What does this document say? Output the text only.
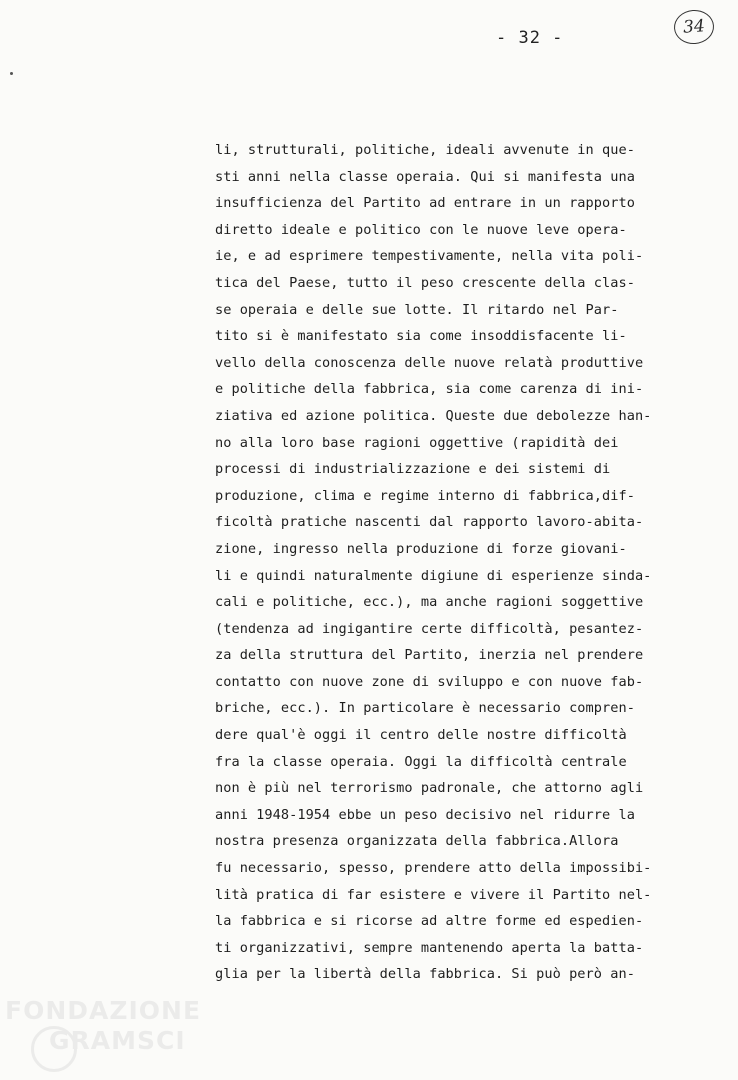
- 32 -
34
li, strutturali, politiche, ideali avvenute in que-
sti anni nella classe operaia. Qui si manifesta una
insufficienza del Partito ad entrare in un rapporto
diretto ideale e politico con le nuove leve opera-
ie, e ad esprimere tempestivamente, nella vita poli-
tica del Paese, tutto il peso crescente della clas-
se operaia e delle sue lotte. Il ritardo nel Par-
tito si è manifestato sia come insoddisfacente li-
vello della conoscenza delle nuove relatà produttive
e politiche della fabbrica, sia come carenza di ini-
ziativa ed azione politica. Queste due debolezze han-
no alla loro base ragioni oggettive (rapidità dei
processi di industrializzazione e dei sistemi di
produzione, clima e regime interno di fabbrica,dif-
ficoltà pratiche nascenti dal rapporto lavoro-abita-
zione, ingresso nella produzione di forze giovani-
li e quindi naturalmente digiune di esperienze sinda-
cali e politiche, ecc.), ma anche ragioni soggettive
(tendenza ad ingigantire certe difficoltà, pesantez-
za della struttura del Partito, inerzia nel prendere
contatto con nuove zone di sviluppo e con nuove fab-
briche, ecc.). In particolare è necessario compren-
dere qual'è oggi il centro delle nostre difficoltà
fra la classe operaia. Oggi la difficoltà centrale
non è più nel terrorismo padronale, che attorno agli
anni 1948-1954 ebbe un peso decisivo nel ridurre la
nostra presenza organizzata della fabbrica.Allora
fu necessario, spesso, prendere atto della impossibi-
lità pratica di far esistere e vivere il Partito nel-
la fabbrica e si ricorse ad altre forme ed espedien-
ti organizzativi, sempre mantenendo aperta la batta-
glia per la libertà della fabbrica. Si può però an-
FONDAZIONE
GRAMSCI
